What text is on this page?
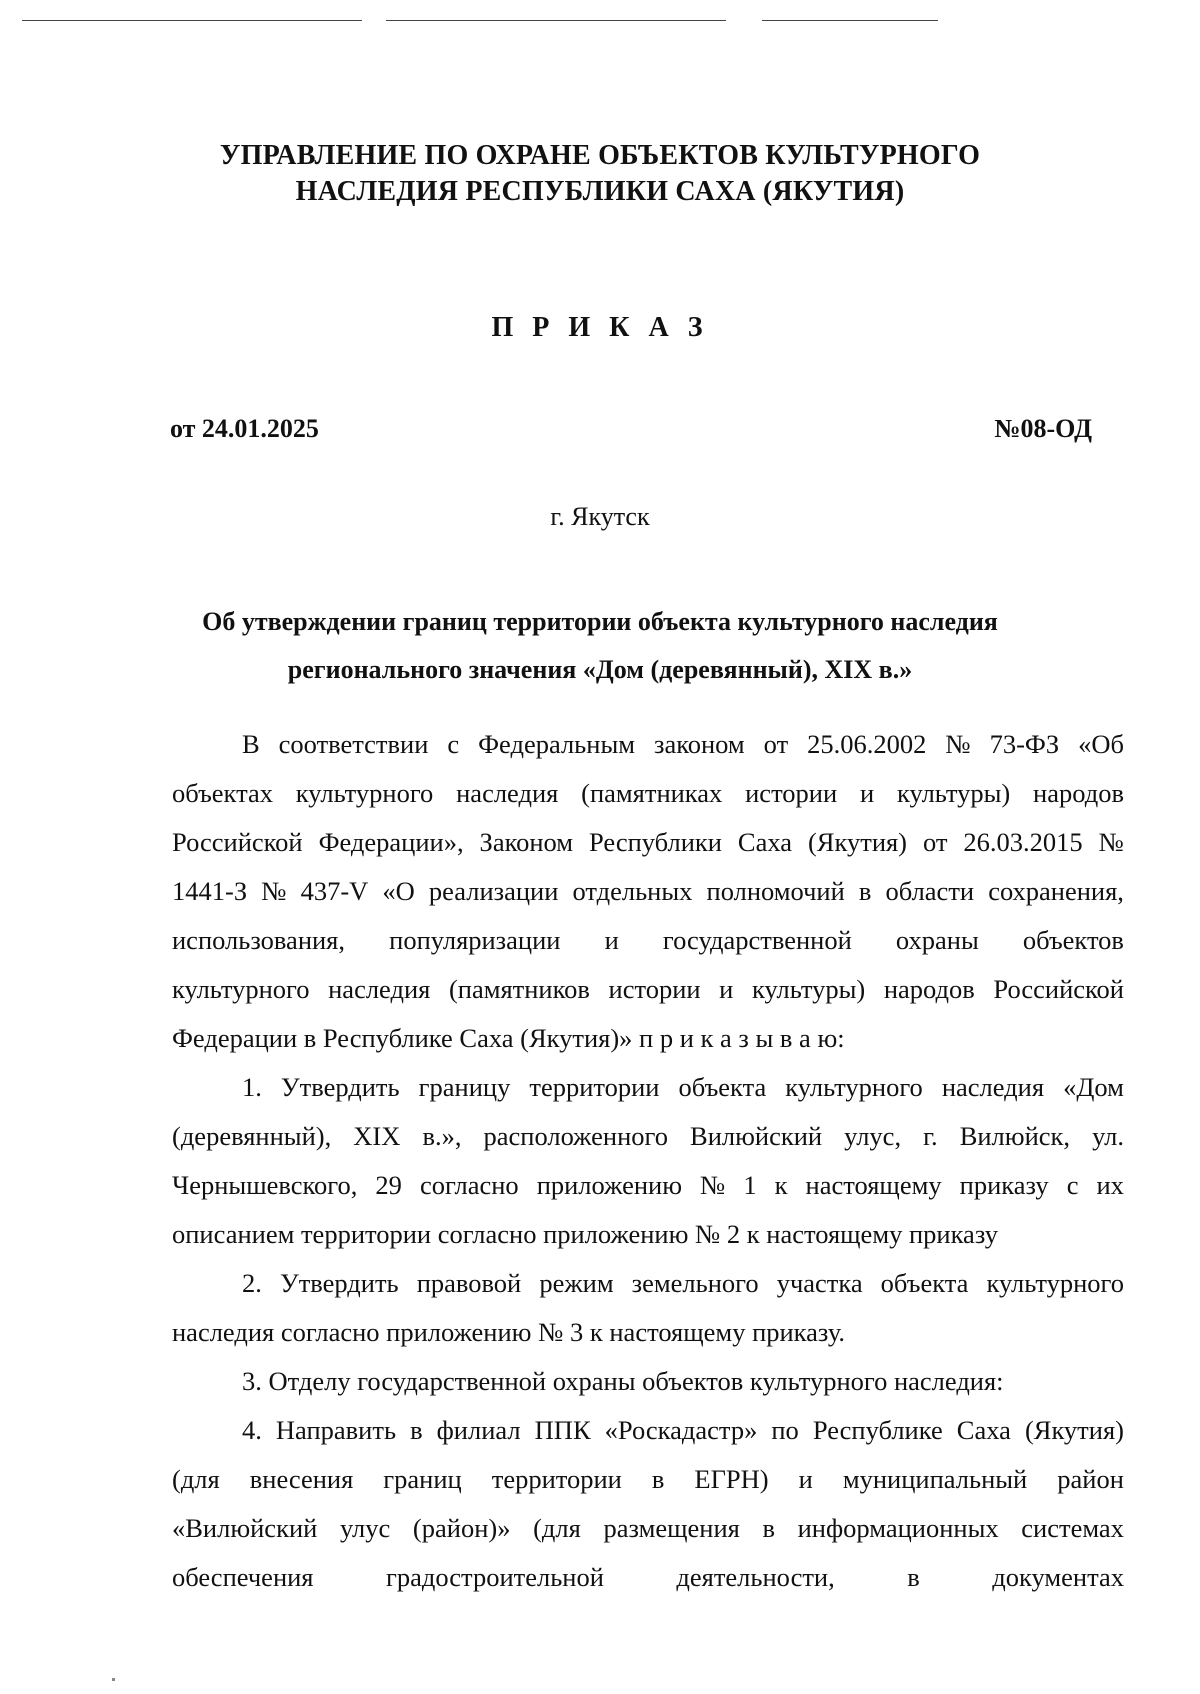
УПРАВЛЕНИЕ ПО ОХРАНЕ ОБЪЕКТОВ КУЛЬТУРНОГО
НАСЛЕДИЯ РЕСПУБЛИКИ САХА (ЯКУТИЯ)
П Р И К А З
от 24.01.2025	№08-ОД
г. Якутск
Об утверждении границ территории объекта культурного наследия
регионального значения «Дом (деревянный), XIX в.»
В соответствии с Федеральным законом от 25.06.2002 № 73-ФЗ «Об
объектах культурного наследия (памятниках истории и культуры) народов
Российской Федерации», Законом Республики Саха (Якутия) от 26.03.2015 №
1441-З № 437-V «О реализации отдельных полномочий в области сохранения,
использования, популяризации и государственной охраны объектов
культурного наследия (памятников истории и культуры) народов Российской
Федерации в Республике Саха (Якутия)» п р и к а з ы в а ю:
1. Утвердить границу территории объекта культурного наследия «Дом
(деревянный), XIX в.», расположенного Вилюйский улус, г. Вилюйск, ул.
Чернышевского, 29 согласно приложению № 1 к настоящему приказу с их
описанием территории согласно приложению № 2 к настоящему приказу
2. Утвердить правовой режим земельного участка объекта культурного
наследия согласно приложению № 3 к настоящему приказу.
3. Отделу государственной охраны объектов культурного наследия:
4. Направить в филиал ППК «Роскадастр» по Республике Саха (Якутия)
(для внесения границ территории в ЕГРН) и муниципальный район
«Вилюйский улус (район)» (для размещения в информационных системах
обеспечения	градостроительной	деятельности,	в	документах
